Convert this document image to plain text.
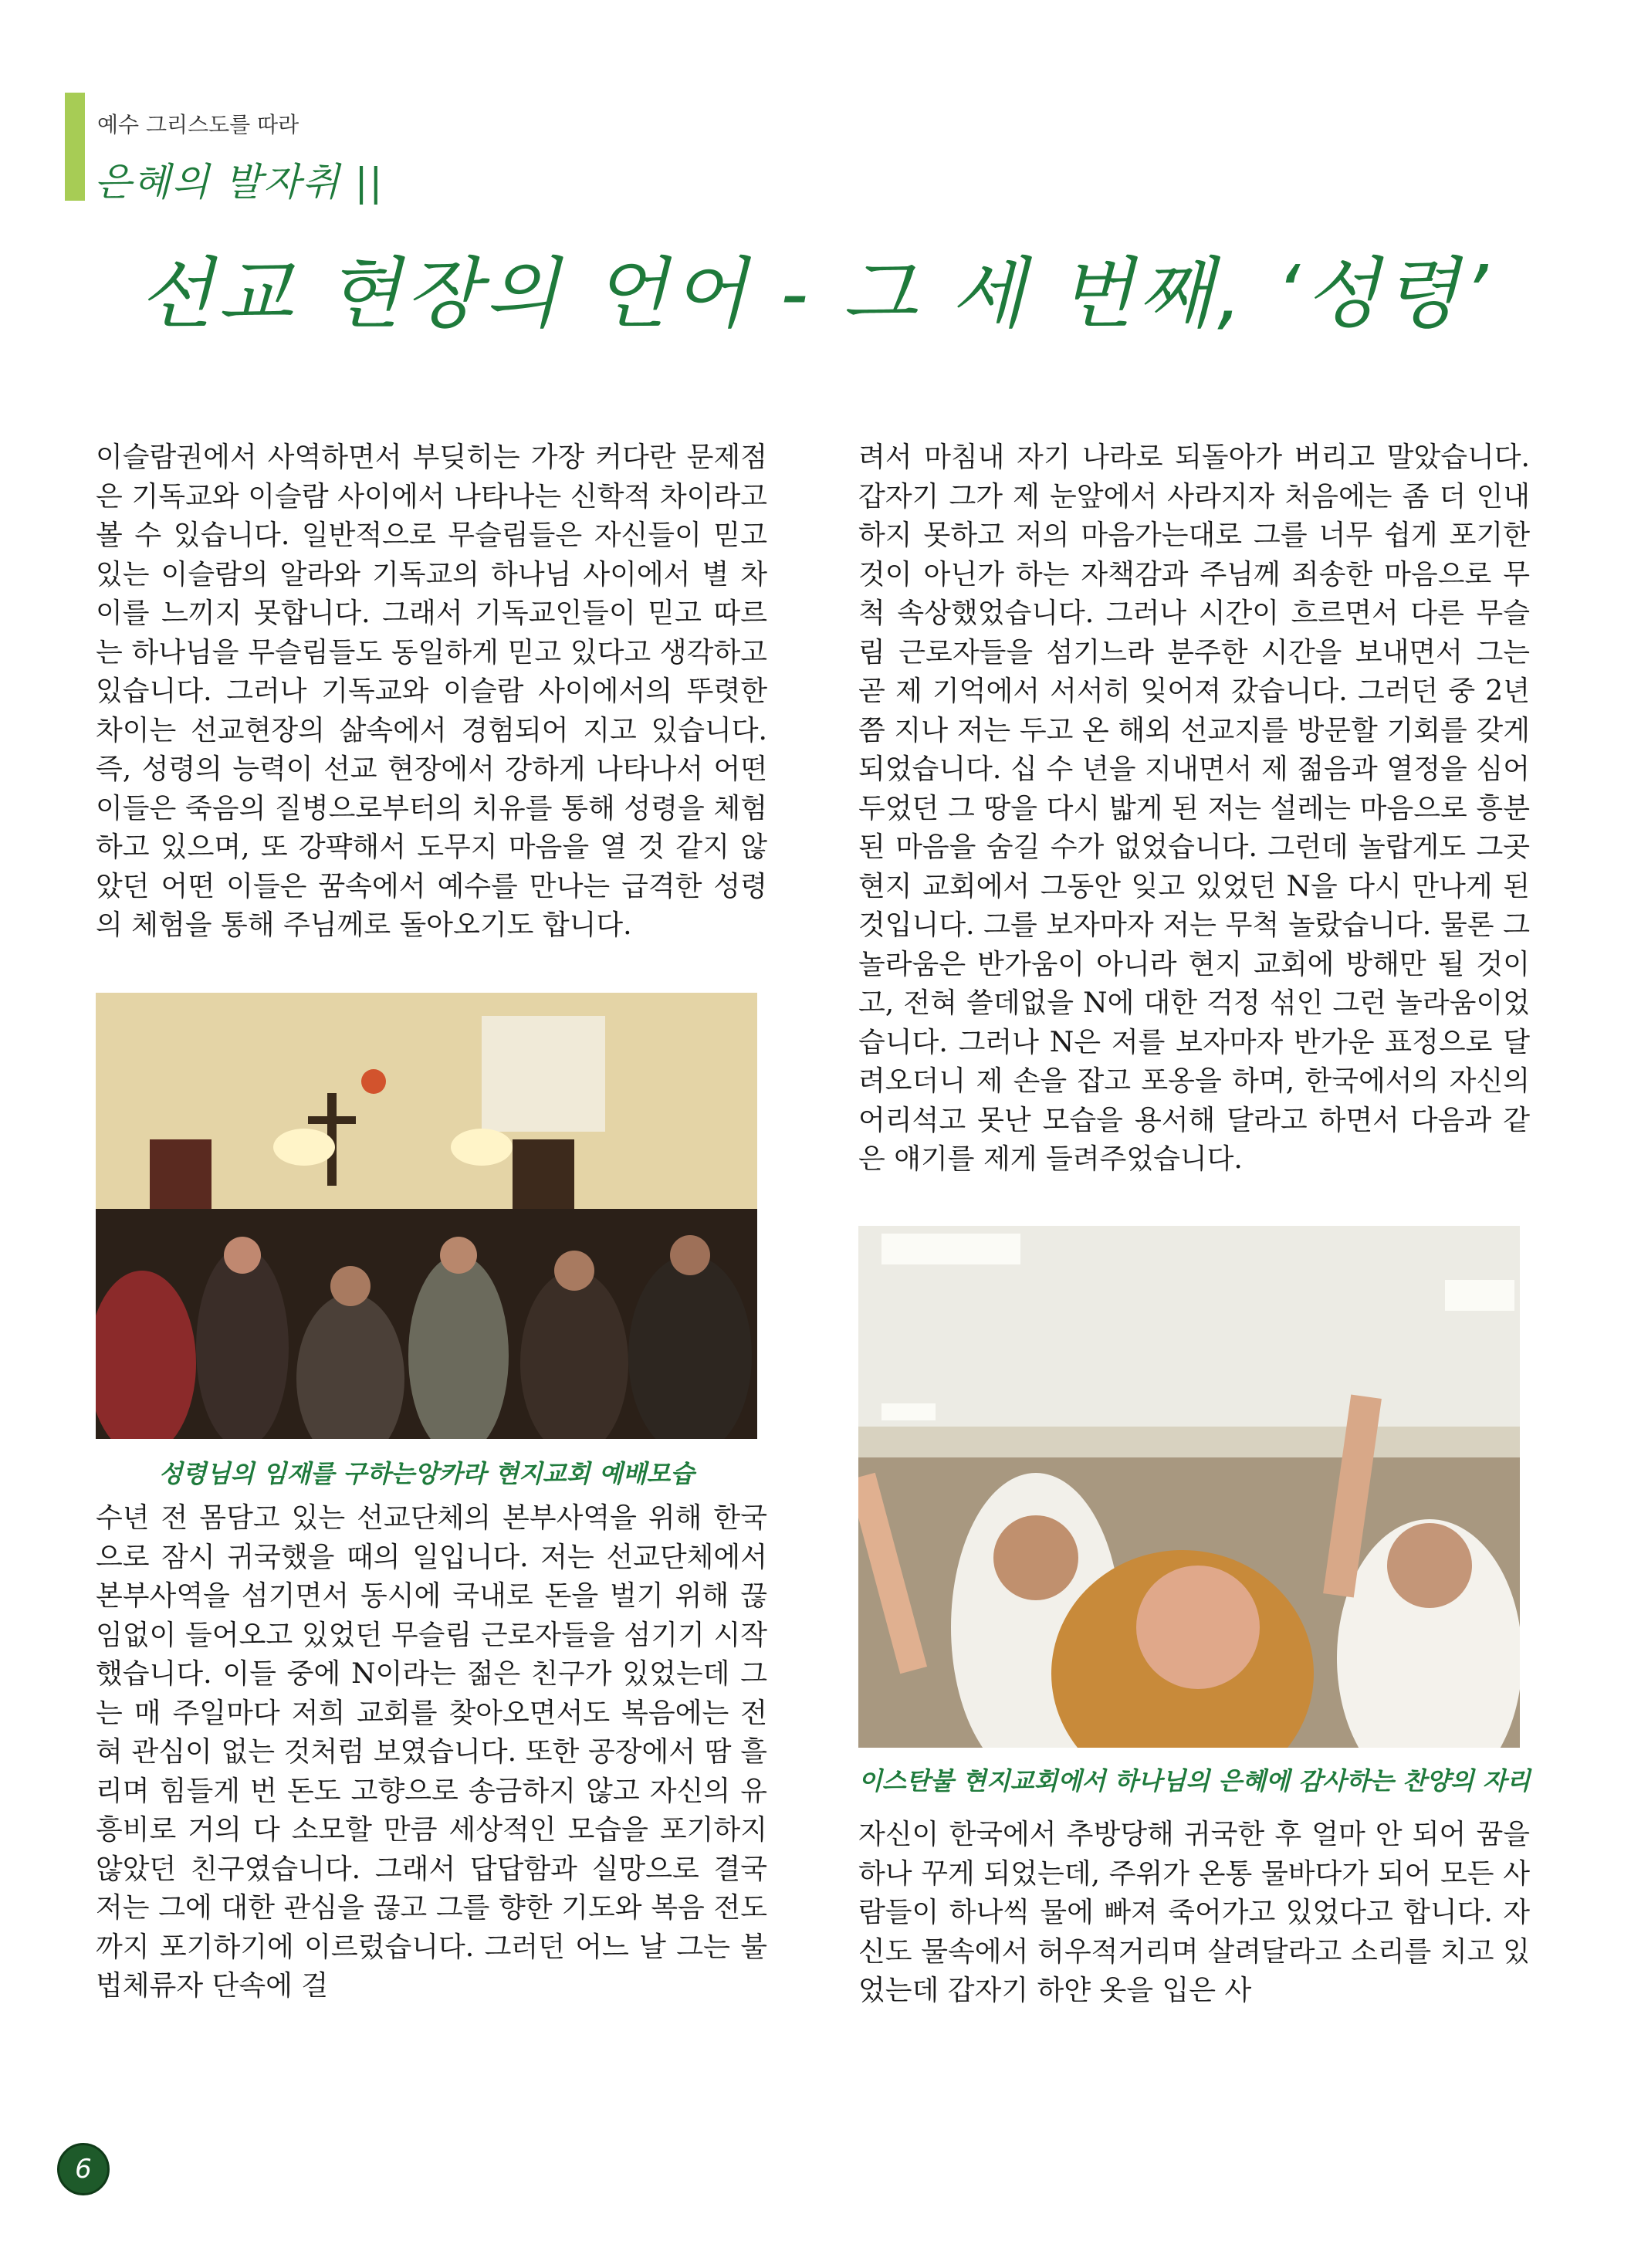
예수 그리스도를 따라
은혜의 발자취 ||
선교 현장의 언어 - 그 세 번째, ‘성령’

이슬람권에서 사역하면서 부딪히는 가장 커다란 문제점은 기독교와 이슬람 사이에서 나타나는 신학적 차이라고 볼 수 있습니다. 일반적으로 무슬림들은 자신들이 믿고 있는 이슬람의 알라와 기독교의 하나님 사이에서 별 차이를 느끼지 못합니다. 그래서 기독교인들이 믿고 따르는 하나님을 무슬림들도 동일하게 믿고 있다고 생각하고 있습니다. 그러나 기독교와 이슬람 사이에서의 뚜렷한 차이는 선교현장의 삶속에서 경험되어 지고 있습니다. 즉, 성령의 능력이 선교 현장에서 강하게 나타나서 어떤 이들은 죽음의 질병으로부터의 치유를 통해 성령을 체험하고 있으며, 또 강퍅해서 도무지 마음을 열 것 같지 않았던 어떤 이들은 꿈속에서 예수를 만나는 급격한 성령의 체험을 통해 주님께로 돌아오기도 합니다.

성령님의 임재를 구하는앙카라 현지교회 예배모습

수년 전 몸담고 있는 선교단체의 본부사역을 위해 한국으로 잠시 귀국했을 때의 일입니다. 저는 선교단체에서 본부사역을 섬기면서 동시에 국내로 돈을 벌기 위해 끊임없이 들어오고 있었던 무슬림 근로자들을 섬기기 시작했습니다. 이들 중에 N이라는 젊은 친구가 있었는데 그는 매 주일마다 저희 교회를 찾아오면서도 복음에는 전혀 관심이 없는 것처럼 보였습니다. 또한 공장에서 땀 흘리며 힘들게 번 돈도 고향으로 송금하지 않고 자신의 유흥비로 거의 다 소모할 만큼 세상적인 모습을 포기하지 않았던 친구였습니다. 그래서 답답함과 실망으로 결국 저는 그에 대한 관심을 끊고 그를 향한 기도와 복음 전도까지 포기하기에 이르렀습니다. 그러던 어느 날 그는 불법체류자 단속에 걸

려서 마침내 자기 나라로 되돌아가 버리고 말았습니다. 갑자기 그가 제 눈앞에서 사라지자 처음에는 좀 더 인내하지 못하고 저의 마음가는대로 그를 너무 쉽게 포기한 것이 아닌가 하는 자책감과 주님께 죄송한 마음으로 무척 속상했었습니다. 그러나 시간이 흐르면서 다른 무슬림 근로자들을 섬기느라 분주한 시간을 보내면서 그는 곧 제 기억에서 서서히 잊어져 갔습니다. 그러던 중 2년쯤 지나 저는 두고 온 해외 선교지를 방문할 기회를 갖게 되었습니다. 십 수 년을 지내면서 제 젊음과 열정을 심어두었던 그 땅을 다시 밟게 된 저는 설레는 마음으로 흥분된 마음을 숨길 수가 없었습니다. 그런데 놀랍게도 그곳 현지 교회에서 그동안 잊고 있었던 N을 다시 만나게 된 것입니다. 그를 보자마자 저는 무척 놀랐습니다. 물론 그 놀라움은 반가움이 아니라 현지 교회에 방해만 될 것이고, 전혀 쓸데없을 N에 대한 걱정 섞인 그런 놀라움이었습니다. 그러나 N은 저를 보자마자 반가운 표정으로 달려오더니 제 손을 잡고 포옹을 하며, 한국에서의 자신의 어리석고 못난 모습을 용서해 달라고 하면서 다음과 같은 얘기를 제게 들려주었습니다.

이스탄불 현지교회에서 하나님의 은혜에 감사하는 찬양의 자리

자신이 한국에서 추방당해 귀국한 후 얼마 안 되어 꿈을 하나 꾸게 되었는데, 주위가 온통 물바다가 되어 모든 사람들이 하나씩 물에 빠져 죽어가고 있었다고 합니다. 자신도 물속에서 허우적거리며 살려달라고 소리를 치고 있었는데 갑자기 하얀 옷을 입은 사

6
